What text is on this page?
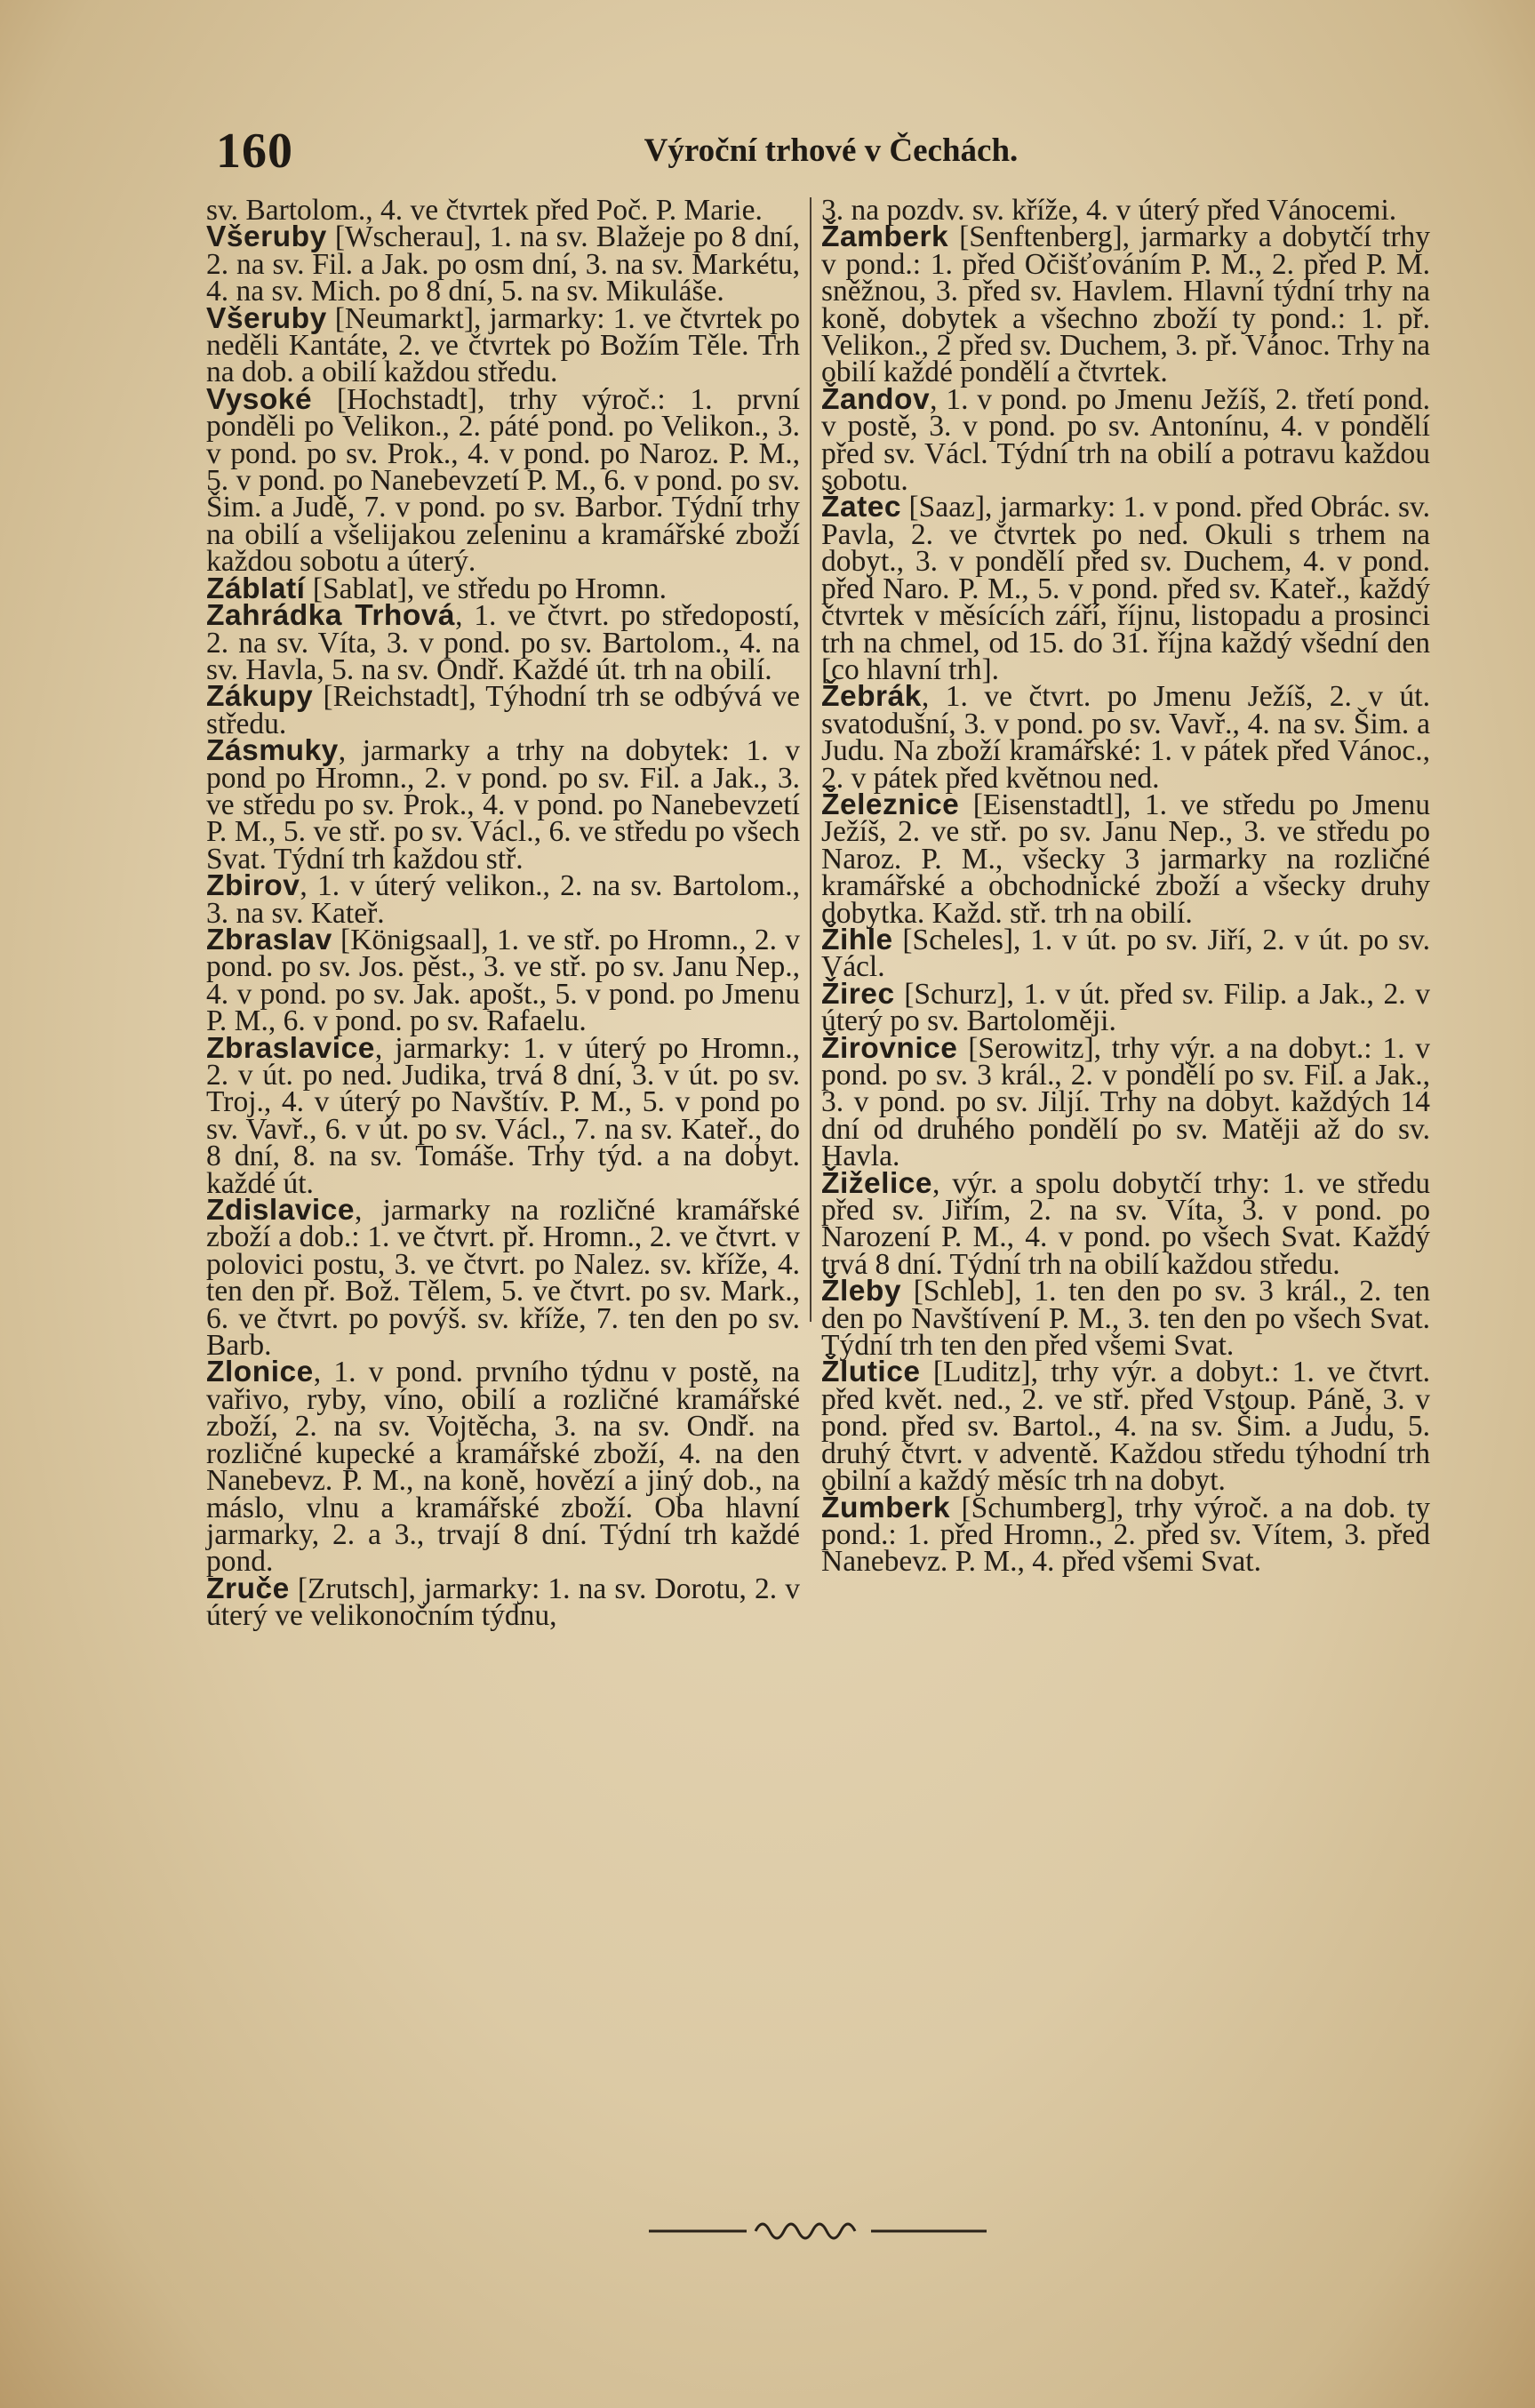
160	Výroční trhové v Čechách.

sv. Bartolom., 4. ve čtvrtek před Poč. P. Marie.

Všeruby [Wscherau], 1. na sv. Blažeje po 8 dní, 2. na sv. Fil. a Jak. po osm dní, 3. na sv. Markétu, 4. na sv. Mich. po 8 dní, 5. na sv. Mikuláše.

Všeruby [Neumarkt], jarmarky: 1. ve čtvrtek po neděli Kantáte, 2. ve čtvrtek po Božím Těle. Trh na dob. a obilí každou středu.

Vysoké [Hochstadt], trhy výroč.: 1. první ponděli po Velikon., 2. páté pond. po Velikon., 3. v pond. po sv. Prok., 4. v pond. po Naroz. P. M., 5. v pond. po Nanebevzetí P. M., 6. v pond. po sv. Šim. a Judě, 7. v pond. po sv. Barbor. Týdní trhy na obilí a všelijakou zeleninu a kramářské zboží každou sobotu a úterý.

Záblatí [Sablat], ve středu po Hromn.

Zahrádka Trhová, 1. ve čtvrt. po středopostí, 2. na sv. Víta, 3. v pond. po sv. Bartolom., 4. na sv. Havla, 5. na sv. Ondř. Každé út. trh na obilí.

Zákupy [Reichstadt], Týhodní trh se odbývá ve středu.

Zásmuky, jarmarky a trhy na dobytek: 1. v pond po Hromn., 2. v pond. po sv. Fil. a Jak., 3. ve středu po sv. Prok., 4. v pond. po Nanebevzetí P. M., 5. ve stř. po sv. Václ., 6. ve středu po všech Svat. Týdní trh každou stř.

Zbirov, 1. v úterý velikon., 2. na sv. Bartolom., 3. na sv. Kateř.

Zbraslav [Königsaal], 1. ve stř. po Hromn., 2. v pond. po sv. Jos. pěst., 3. ve stř. po sv. Janu Nep., 4. v pond. po sv. Jak. apošt., 5. v pond. po Jmenu P. M., 6. v pond. po sv. Rafaelu.

Zbraslavice, jarmarky: 1. v úterý po Hromn., 2. v út. po ned. Judika, trvá 8 dní, 3. v út. po sv. Troj., 4. v úterý po Navštív. P. M., 5. v pond po sv. Vavř., 6. v út. po sv. Václ., 7. na sv. Kateř., do 8 dní, 8. na sv. Tomáše. Trhy týd. a na dobyt. každé út.

Zdislavice, jarmarky na rozličné kramářské zboží a dob.: 1. ve čtvrt. př. Hromn., 2. ve čtvrt. v polovici postu, 3. ve čtvrt. po Nalez. sv. kříže, 4. ten den př. Bož. Tělem, 5. ve čtvrt. po sv. Mark., 6. ve čtvrt. po povýš. sv. kříže, 7. ten den po sv. Barb.

Zlonice, 1. v pond. prvního týdnu v postě, na vařivo, ryby, víno, obilí a rozličné kramářské zboží, 2. na sv. Vojtěcha, 3. na sv. Ondř. na rozličné kupecké a kramářské zboží, 4. na den Nanebevz. P. M., na koně, hovězí a jiný dob., na máslo, vlnu a kramářské zboží. Oba hlavní jarmarky, 2. a 3., trvají 8 dní. Týdní trh každé pond.

Zruče [Zrutsch], jarmarky: 1. na sv. Dorotu, 2. v úterý ve velikonočním týdnu,

3. na pozdv. sv. kříže, 4. v úterý před Vánocemi.

Žamberk [Senftenberg], jarmarky a dobytčí trhy v pond.: 1. před Očišťováním P. M., 2. před P. M. sněžnou, 3. před sv. Havlem. Hlavní týdní trhy na koně, dobytek a všechno zboží ty pond.: 1. př. Velikon., 2 před sv. Duchem, 3. př. Vánoc. Trhy na obilí každé pondělí a čtvrtek.

Žandov, 1. v pond. po Jmenu Ježíš, 2. třetí pond. v postě, 3. v pond. po sv. Antonínu, 4. v pondělí před sv. Václ. Týdní trh na obilí a potravu každou sobotu.

Žatec [Saaz], jarmarky: 1. v pond. před Obrác. sv. Pavla, 2. ve čtvrtek po ned. Okuli s trhem na dobyt., 3. v pondělí před sv. Duchem, 4. v pond. před Naro. P. M., 5. v pond. před sv. Kateř., každý čtvrtek v měsících září, říjnu, listopadu a prosinci trh na chmel, od 15. do 31. října každý všední den [co hlavní trh].

Žebrák, 1. ve čtvrt. po Jmenu Ježíš, 2. v út. svatodušní, 3. v pond. po sv. Vavř., 4. na sv. Šim. a Judu. Na zboží kramářské: 1. v pátek před Vánoc., 2. v pátek před květnou ned.

Železnice [Eisenstadtl], 1. ve středu po Jmenu Ježíš, 2. ve stř. po sv. Janu Nep., 3. ve středu po Naroz. P. M., všecky 3 jarmarky na rozličné kramářské a obchodnické zboží a všecky druhy dobytka. Každ. stř. trh na obilí.

Žihle [Scheles], 1. v út. po sv. Jiří, 2. v út. po sv. Václ.

Žirec [Schurz], 1. v út. před sv. Filip. a Jak., 2. v úterý po sv. Bartoloměji.

Žirovnice [Serowitz], trhy výr. a na dobyt.: 1. v pond. po sv. 3 král., 2. v pondělí po sv. Fil. a Jak., 3. v pond. po sv. Jiljí. Trhy na dobyt. každých 14 dní od druhého pondělí po sv. Matěji až do sv. Havla.

Žiželice, výr. a spolu dobytčí trhy: 1. ve středu před sv. Jiřím, 2. na sv. Víta, 3. v pond. po Narození P. M., 4. v pond. po všech Svat. Každý trvá 8 dní. Týdní trh na obilí každou středu.

Žleby [Schleb], 1. ten den po sv. 3 král., 2. ten den po Navštívení P. M., 3. ten den po všech Svat. Týdní trh ten den před všemi Svat.

Žlutice [Luditz], trhy výr. a dobyt.: 1. ve čtvrt. před květ. ned., 2. ve stř. před Vstoup. Páně, 3. v pond. před sv. Bartol., 4. na sv. Šim. a Judu, 5. druhý čtvrt. v adventě. Každou středu týhodní trh obilní a každý měsíc trh na dobyt.

Žumberk [Schumberg], trhy výroč. a na dob. ty pond.: 1. před Hromn., 2. před sv. Vítem, 3. před Nanebevz. P. M., 4. před všemi Svat.
